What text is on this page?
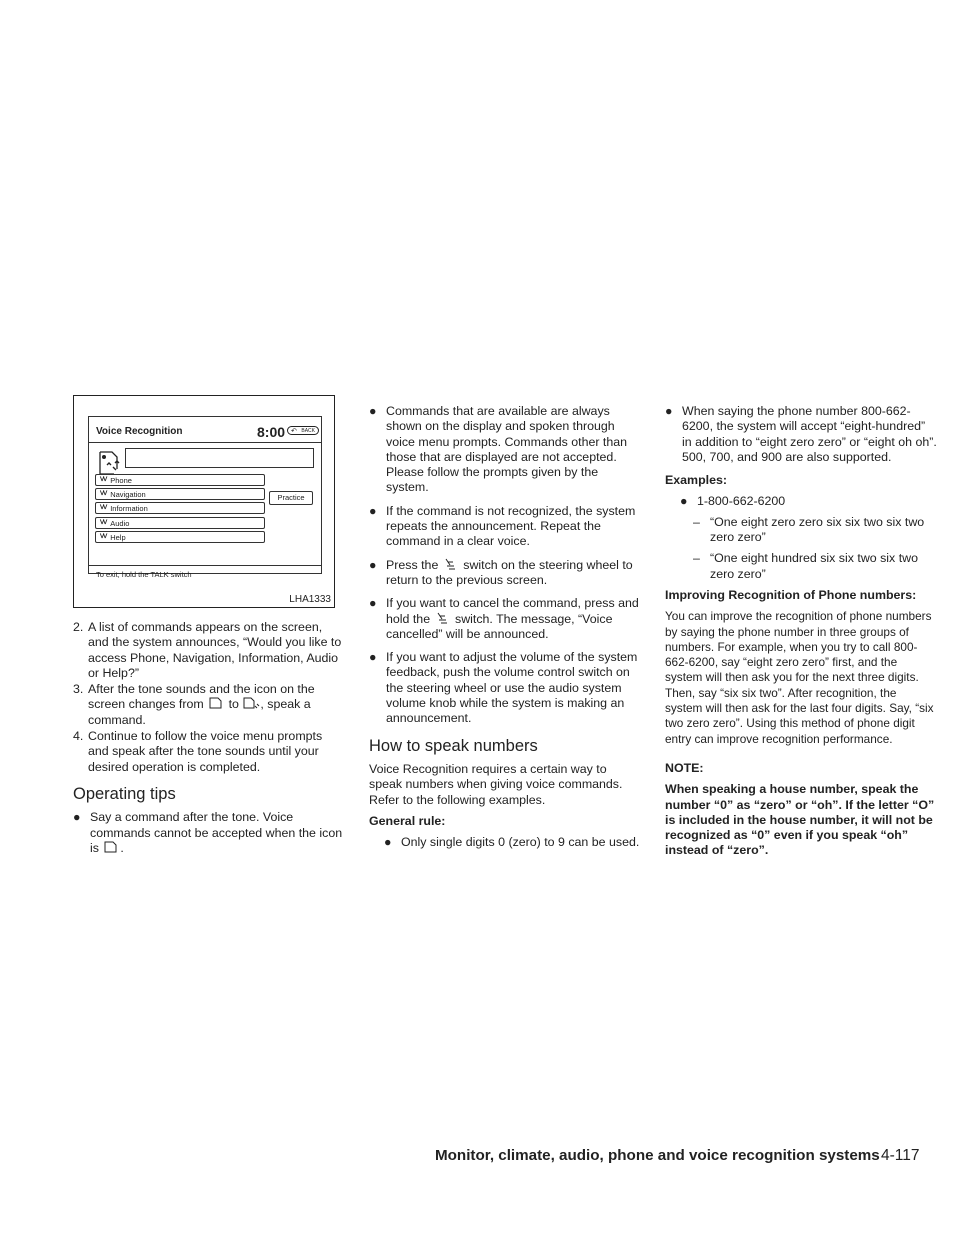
Voice Recognition	8:00 ↶ BACK
ᐯᐯ Phone
ᐯᐯ Navigation
ᐯᐯ Information
ᐯᐯ Audio
ᐯᐯ Help
Practice
To exit, hold the TALK switch
LHA1333

2. A list of commands appears on the screen, and the system announces, “Would you like to access Phone, Navigation, Information, Audio or Help?”

3. After the tone sounds and the icon on the screen changes from to , speak a command.

4. Continue to follow the voice menu prompts and speak after the tone sounds until your desired operation is completed.

Operating tips
● Say a command after the tone. Voice commands cannot be accepted when the icon is .
● Commands that are available are always shown on the display and spoken through voice menu prompts. Commands other than those that are displayed are not accepted. Please follow the prompts given by the system.
● If the command is not recognized, the system repeats the announcement. Repeat the command in a clear voice.
● Press the switch on the steering wheel to return to the previous screen.
● If you want to cancel the command, press and hold the switch. The message, “Voice cancelled” will be announced.
● If you want to adjust the volume of the system feedback, push the volume control switch on the steering wheel or use the audio system volume knob while the system is making an announcement.
How to speak numbers

Voice Recognition requires a certain way to speak numbers when giving voice commands. Refer to the following examples.

General rule:

● Only single digits 0 (zero) to 9 can be used.
● When saying the phone number 800-662-6200, the system will accept “eight-hundred” in addition to “eight zero zero” or “eight oh oh”. 500, 700, and 900 are also supported.

Examples:

● 1-800-662-6200
– “One eight zero zero six six two six two zero zero”
– “One eight hundred six six two six two zero zero”

Improving Recognition of Phone numbers:

You can improve the recognition of phone numbers by saying the phone number in three groups of numbers. For example, when you try to call 800-662-6200, say “eight zero zero” first, and the system will then ask you for the next three digits. Then, say “six six two”. After recognition, the system will then ask for the last four digits. Say, “six two zero zero”. Using this method of phone digit entry can improve recognition performance.

NOTE:

When speaking a house number, speak the number “0” as “zero” or “oh”. If the letter “O” is included in the house number, it will not be recognized as “0” even if you speak “oh” instead of “zero”.

Monitor, climate, audio, phone and voice recognition systems 4-117
